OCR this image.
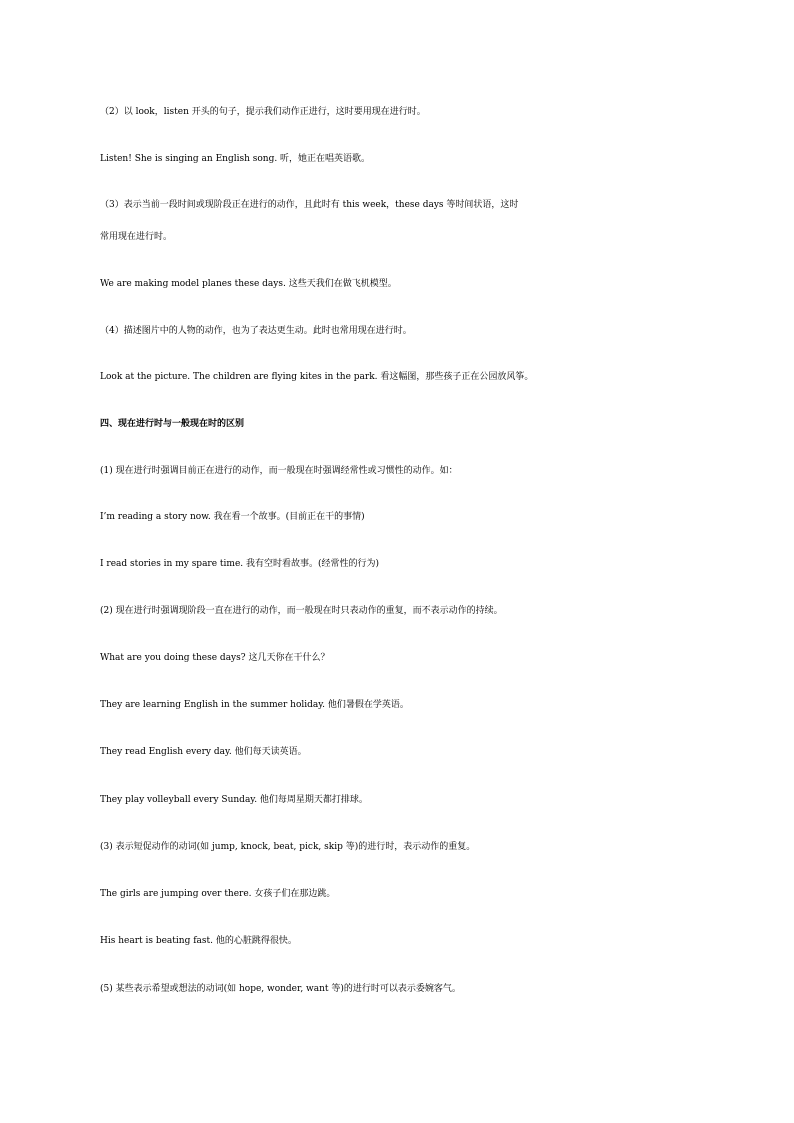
（2）以 look，listen 开头的句子，提示我们动作正进行，这时要用现在进行时。
Listen! She is singing an English song. 听，她正在唱英语歌。
（3）表示当前一段时间或现阶段正在进行的动作，且此时有 this week，these days 等时间状语，这时
常用现在进行时。
We are making model planes these days. 这些天我们在做飞机模型。
（4）描述图片中的人物的动作，也为了表达更生动。此时也常用现在进行时。
Look at the picture. The children are flying kites in the park. 看这幅图，那些孩子正在公园放风筝。
四、现在进行时与一般现在时的区别
(1) 现在进行时强调目前正在进行的动作，而一般现在时强调经常性或习惯性的动作。如：
I’m reading a story now. 我在看一个故事。(目前正在干的事情)
I read stories in my spare time. 我有空时看故事。(经常性的行为)
(2) 现在进行时强调现阶段一直在进行的动作，而一般现在时只表动作的重复，而不表示动作的持续。
What are you doing these days? 这几天你在干什么？
They are learning English in the summer holiday. 他们暑假在学英语。
They read English every day. 他们每天读英语。
They play volleyball every Sunday. 他们每周星期天都打排球。
(3) 表示短促动作的动词(如 jump, knock, beat, pick, skip 等)的进行时，表示动作的重复。
The girls are jumping over there. 女孩子们在那边跳。
His heart is beating fast. 他的心脏跳得很快。
(5) 某些表示希望或想法的动词(如 hope, wonder, want 等)的进行时可以表示委婉客气。
